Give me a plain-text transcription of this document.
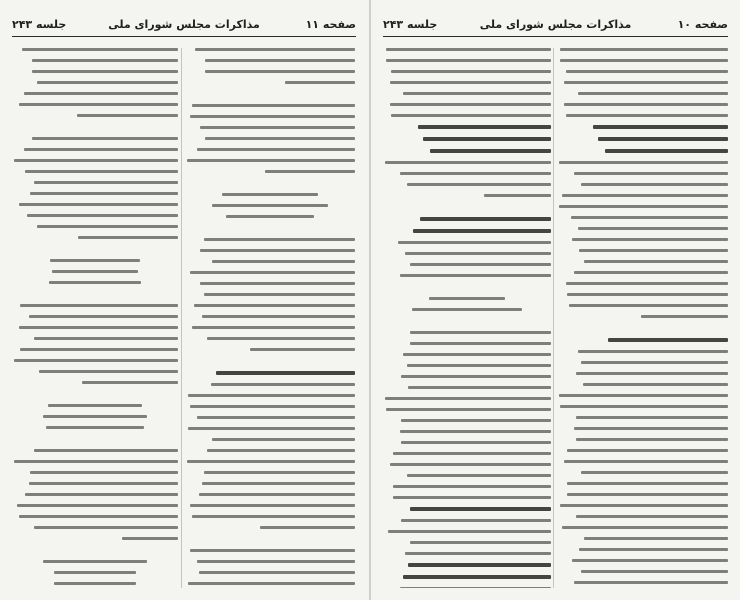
صفحه ۱۱
مذاکرات مجلس شورای ملی
جلسه ۲۴۳	صفحه ۱۰
مذاکرات مجلس شورای ملی
جلسه ۲۴۳
